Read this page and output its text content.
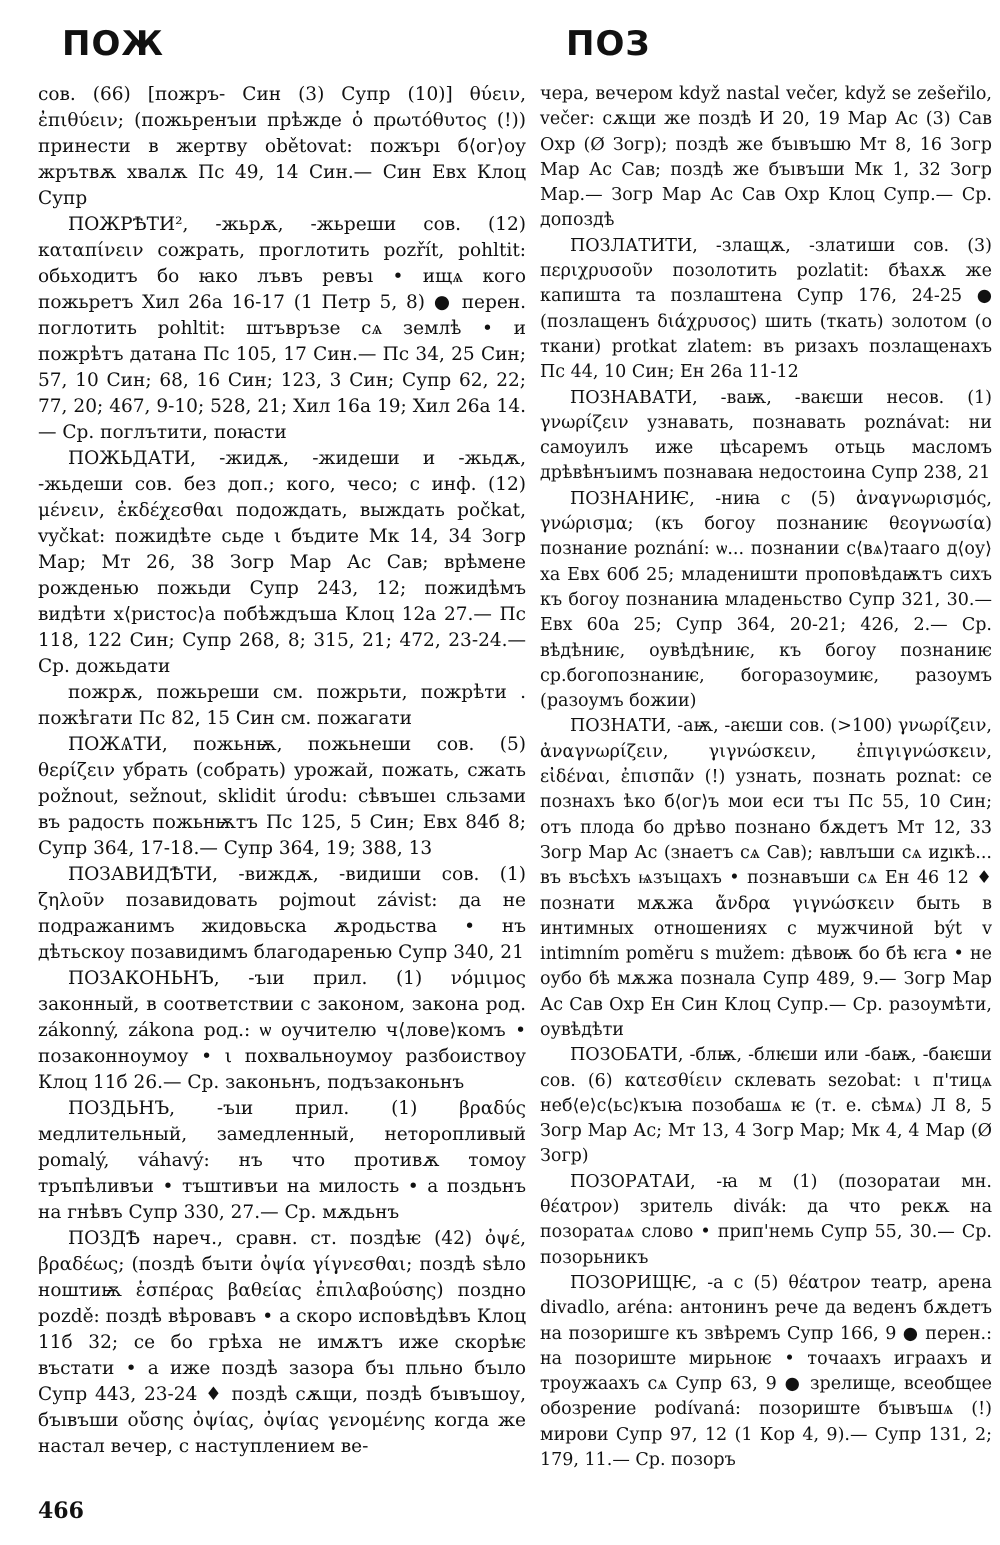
ПОЖ	ПОЗ

сов. (66) [пожръ- Син (3) Супр (10)] θύειν, ἐπιθύειν; (пожьренъıи прѣжде ὁ πρωτόθυτος (!)) принести в жертву obětovat: пожърı б⟨ог⟩оу жрътвѫ хвалѫ Пс 49, 14 Син.— Син Евх Клоц Супр

ПОЖРѢТИ², -жьрѫ, -жьреши сов. (12) καταπίνειν сожрать, проглотить pozřít, pohltit: обьходитъ бо ꙗко лъвъ ревъı • ищѧ кого пожьретъ Хил 26а 16-17 (1 Петр 5, 8) ● перен. поглотить pohltit: штъвръзе сѧ землѣ • и пожрѣтъ датана Пс 105, 17 Син.— Пс 34, 25 Син; 57, 10 Син; 68, 16 Син; 123, 3 Син; Супр 62, 22; 77, 20; 467, 9-10; 528, 21; Хил 16а 19; Хил 26а 14.— Ср. поглътити, поꙗсти

ПОЖЬДАТИ, -жидѫ, -жидеши и -жьдѫ, -жьдеши сов. без доп.; кого, чесо; с инф. (12) μένειν, ἐκδέχεσθαι подождать, выждать počkat, vyčkat: пожидѣте сьде ι бъдите Мк 14, 34 Зогр Мар; Мт 26, 38 Зогр Мар Ас Сав; врѣмене рожденью пожьди Супр 243, 12; пожидѣмъ видѣти х⟨ристос⟩а побѣждъша Клоц 12а 27.— Пс 118, 122 Син; Супр 268, 8; 315, 21; 472, 23-24.— Ср. дожьдати

пожрѫ, пожьреши см. пожрьти, пожрѣти . пожѣгати Пс 82, 15 Син см. пожагати

ПОЖѦТИ, пожьнѭ, пожьнеши сов. (5) θερίζειν убрать (собрать) урожай, пожать, сжать požnout, sežnout, sklidit úrodu: сѣвъшеı сльзами въ радость пожьнѭтъ Пс 125, 5 Син; Евх 84б 8; Супр 364, 17-18.— Супр 364, 19; 388, 13

ПОЗАВИДѢТИ, -виждѫ, -видиши сов. (1) ζηλοῦν позавидовать pojmout závist: да не подражанимъ жидовьска ѫродьства • нъ дѣтьскоу позавидимъ благодаренью Супр 340, 21

ПОЗАКОНЬНЪ, -ъıи прил. (1) νόμιμος законный, в соответствии с законом, закона род. zákonný, zákona род.: ѡ оучителю ч⟨лове⟩комъ • позаконноумоу • ι похвальноумоу разбоиствоу Клоц 11б 26.— Ср. законьнъ, подъзаконьнъ

ПОЗДЬНЪ, -ъıи прил. (1) βραδύς медлительный, замедленный, неторопливый pomalý, váhavý: нъ что противѫ томоу тръпѣливъи • тъштивъи на милость • а поздьнъ на гнѣвъ Супр 330, 27.— Ср. мѫдьнъ

ПОЗДѢ нареч., сравн. ст. поздѣѥ (42) ὀψέ, βραδέως; (поздѣ бъıти ὀψία γίγνεσθαι; поздѣ ѕѣло ноштиѭ ἑσπέρας βαθείας ἐπιλαβούσης) поздно pozdě: поздѣ вѣровавъ • а скоро исповѣдѣвъ Клоц 11б 32; се бо грѣха не имѫтъ иже скорѣѥ въстати • а иже поздѣ зазора бъı пльно бъıло Супр 443, 23-24 ♦ поздѣ сѫщи, поздѣ бъıвъшоу, бъıвъши οὔσης ὀψίας, ὀψίας γενομένης когда же настал вечер, с наступлением ве-

чера, вечером když nastal večer, když se zešeřilo, večer: сѫщи же поздѣ И 20, 19 Мар Ас (3) Сав Охр (Ø Зогр); поздѣ же бъıвъшю Мт 8, 16 Зогр Мар Ас Сав; поздѣ же бъıвъши Мк 1, 32 Зогр Мар.— Зогр Мар Ас Сав Охр Клоц Супр.— Ср. допоздѣ

ПОЗЛАТИТИ, -злащѫ, -златиши сов. (3) περιχρυσοῦν позолотить pozlatit: бѣахѫ же капишта та позлаштена Супр 176, 24-25 ● (позлащенъ διάχρυσος) шить (ткать) золотом (о ткани) protkat zlatem: въ ризахъ позлащенахъ Пс 44, 10 Син; Ен 26а 11-12

ПОЗНАВАТИ, -ваѭ, -ваѥши несов. (1) γνωρίζειν узнавать, познавать poznávat: ни самоуилъ иже цѣсаремъ отьць масломъ дрѣвѣнъıимъ познаваꙗ недостоина Супр 238, 21

ПОЗНАНИѤ, -ниꙗ с (5) ἀναγνωρισμός, γνώρισμα; (къ богоу познаниѥ θεογνωσία) познание poznání: ѡ... познании с⟨вѧ⟩тааго д⟨оу⟩ха Евх 60б 25; младеништи проповѣдаѭтъ сихъ къ богоу познаниꙗ младеньство Супр 321, 30.— Евх 60а 25; Супр 364, 20-21; 426, 2.— Ср. вѣдѣниѥ, оувѣдѣниѥ, къ богоу познаниѥ ср.богопознаниѥ, богоразоумиѥ, разоумъ (разоумъ божии)

ПОЗНАТИ, -аѭ, -аѥши сов. (>100) γνωρίζειν, ἀναγνωρίζειν, γιγνώσκειν, ἐπιγιγνώσκειν, εἰδέναι, ἐπισπᾶν (!) узнать, познать poznat: се познахъ ѣко б⟨ог⟩ъ мои еси тъı Пс 55, 10 Син; отъ плода бо дрѣво познано бѫдетъ Мт 12, 33 Зогр Мар Ас (знаетъ сѧ Сав); ꙗвлъши сѧ иꙁıкѣ... въ въсѣхъ ѩзъıцахъ • познавъши сѧ Ен 46 12 ♦ познати мѫжа ἄνδρα γιγνώσκειν быть в интимных отношениях с мужчиной být v intimním poměru s mužem: дѣвоѭ бо бѣ ѥга • не оубо бѣ мѫжа познала Супр 489, 9.— Зогр Мар Ас Сав Охр Ен Син Клоц Супр.— Ср. разоумѣти, оувѣдѣти

ПОЗОБАТИ, -блѭ, -блѥши или -баѭ, -баѥши сов. (6) κατεσθίειν склевать sezobat: ι п'тицѧ неб⟨е⟩с⟨ьс⟩къıꙗ позобашѧ ѥ (т. е. сѣмѧ) Л 8, 5 Зогр Мар Ас; Мт 13, 4 Зогр Мар; Мк 4, 4 Мар (Ø Зогр)

ПОЗОРАТАИ, -ꙗ м (1) (позоратаи мн. θέατρον) зритель divák: да что рекѫ на позоратаѧ слово • прип'немь Супр 55, 30.— Ср. позорьникъ

ПОЗОРИЩѤ, -а с (5) θέατρον театр, арена divadlo, aréna: антонинъ рече да веденъ бѫдетъ на позоришге къ звѣремъ Супр 166, 9 ● перен.: на позориште мирьноѥ • точаахъ играахъ и троужаахъ сѧ Супр 63, 9 ● зрелище, всеобщее обозрение podívaná: позориште бъıвъшѧ (!) мирови Супр 97, 12 (1 Кор 4, 9).— Супр 131, 2; 179, 11.— Ср. позоръ

466
